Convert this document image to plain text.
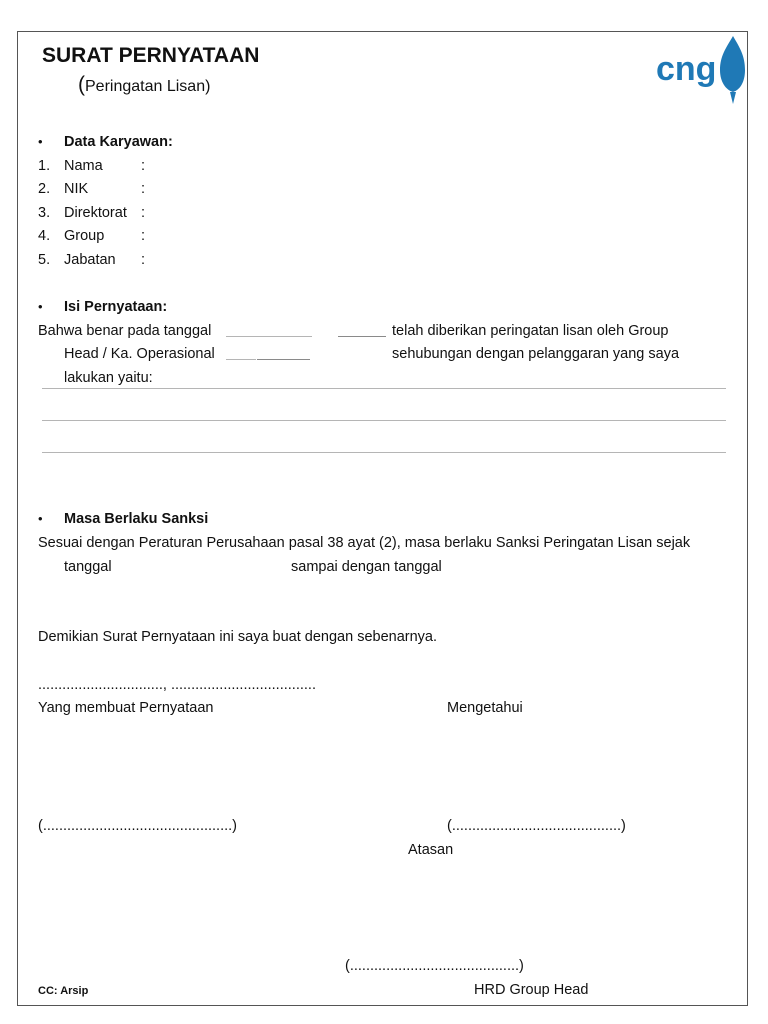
SURAT PERNYATAAN
(Peringatan Lisan)	cng
• Data Karyawan:
1. Nama	:
2. NIK	:
3. Direktorat :
4. Group	:
5. Jabatan :
• Isi Pernyataan:
Bahwa benar pada tanggal	telah diberikan peringatan lisan oleh Group
Head / Ka. Operasional	sehubungan dengan pelanggaran yang saya
lakukan yaitu:
• Masa Berlaku Sanksi
Sesuai dengan Peraturan Perusahaan pasal 38 ayat (2), masa berlaku Sanksi Peringatan Lisan sejak
tanggal	sampai dengan tanggal
Demikian Surat Pernyataan ini saya buat dengan sebenarnya.
..............................., ....................................
Yang membuat Pernyataan	Mengetahui
(...............................................)	(..........................................)
Atasan
(..........................................)
HRD Group Head
CC: Arsip
